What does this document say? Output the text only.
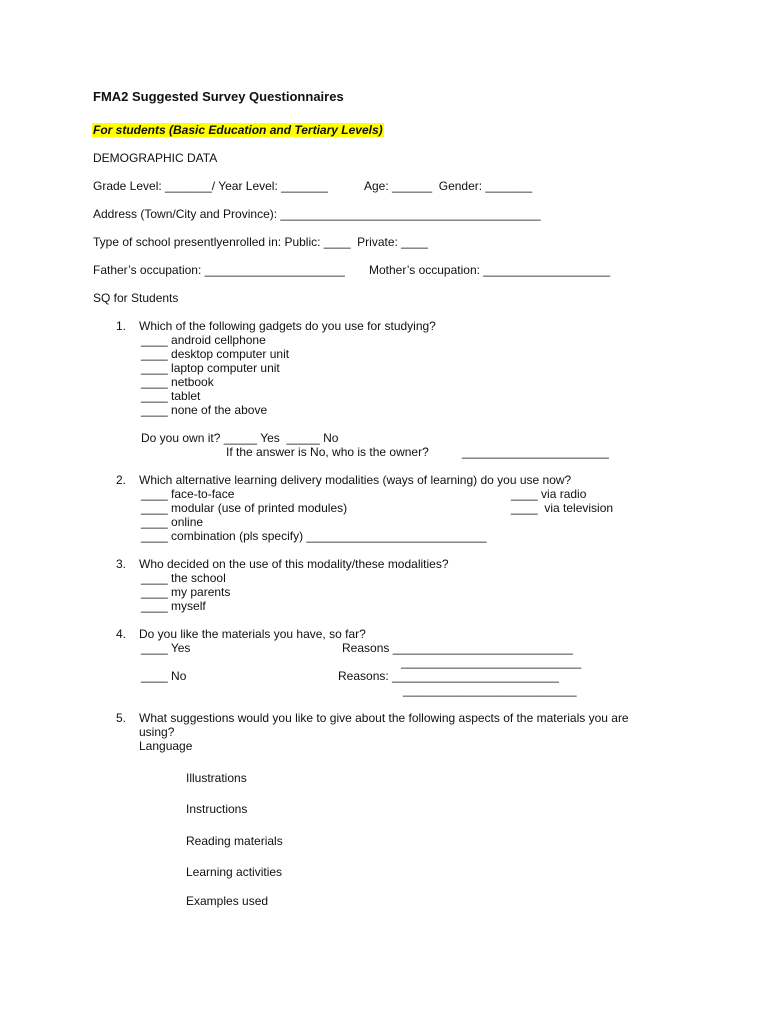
FMA2 Suggested Survey Questionnaires
For students (Basic Education and Tertiary Levels)
DEMOGRAPHIC DATA
Grade Level: _______/ Year Level: _______	Age: ______  Gender: _______
Address (Town/City and Province): _______________________________________
Type of school presentlyenrolled in: Public: ____  Private: ____
Father’s occupation: _____________________ Mother’s occupation: ___________________
SQ for Students
1. Which of the following gadgets do you use for studying?
____ android cellphone
____ desktop computer unit
____ laptop computer unit
____ netbook
____ tablet
____ none of the above
Do you own it? _____ Yes  _____ No
If the answer is No, who is the owner?	______________________
2. Which alternative learning delivery modalities (ways of learning) do you use now?
____ face-to-face
____ modular (use of printed modules)
____ online
____ combination (pls specify) ___________________________
____ via radio
____  via television
3. Who decided on the use of this modality/these modalities?
____ the school
____ my parents
____ myself
4. Do you like the materials you have, so far?
____ Yes	Reasons ___________________________
___________________________
____ No	Reasons: _________________________
__________________________
5. What suggestions would you like to give about the following aspects of the materials you are
using?
Language
Illustrations
Instructions
Reading materials
Learning activities
Examples used
